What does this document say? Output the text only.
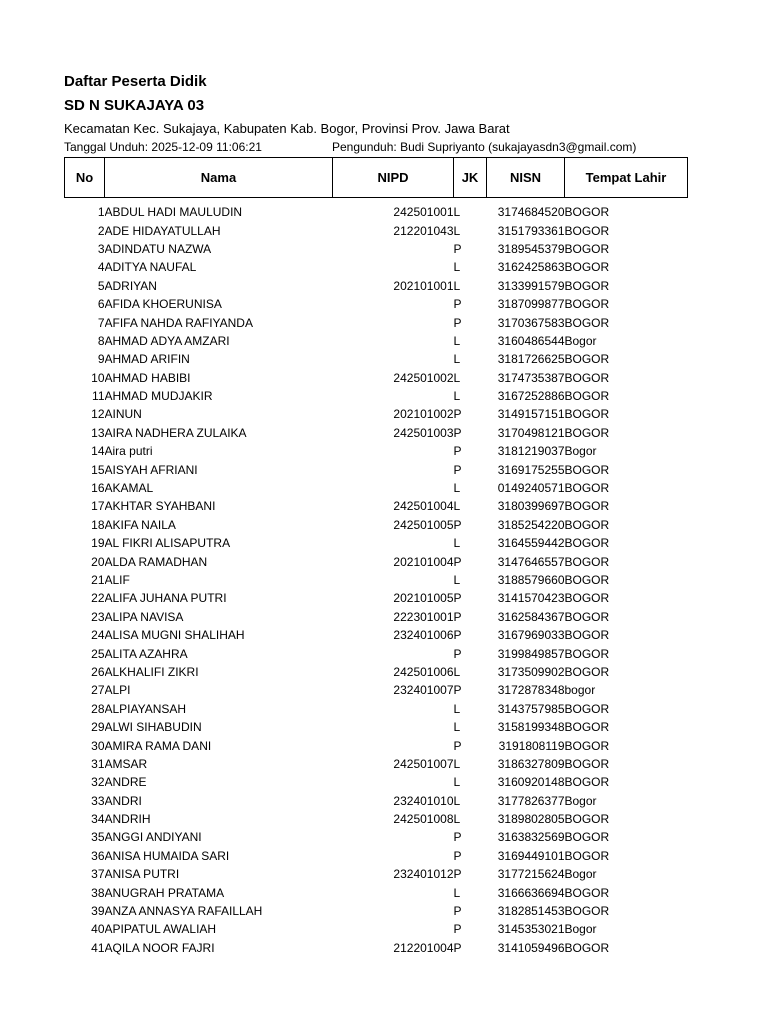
Daftar Peserta Didik
SD N SUKAJAYA 03
Kecamatan Kec. Sukajaya, Kabupaten Kab. Bogor, Provinsi Prov. Jawa Barat
Tanggal Unduh: 2025-12-09 11:06:21	Pengunduh: Budi Supriyanto (sukajayasdn3@gmail.com)
No	Nama	NIPD	JK	NISN	Tempat Lahir

1	ABDUL HADI MAULUDIN	242501001	L	3174684520	BOGOR
2	ADE HIDAYATULLAH	212201043	L	3151793361	BOGOR
3	ADINDATU NAZWA		P	3189545379	BOGOR
4	ADITYA NAUFAL		L	3162425863	BOGOR
5	ADRIYAN	202101001	L	3133991579	BOGOR
6	AFIDA KHOERUNISA		P	3187099877	BOGOR
7	AFIFA NAHDA RAFIYANDA		P	3170367583	BOGOR
8	AHMAD ADYA AMZARI		L	3160486544	Bogor
9	AHMAD ARIFIN		L	3181726625	BOGOR
10	AHMAD HABIBI	242501002	L	3174735387	BOGOR
11	AHMAD MUDJAKIR		L	3167252886	BOGOR
12	AINUN	202101002	P	3149157151	BOGOR
13	AIRA NADHERA ZULAIKA	242501003	P	3170498121	BOGOR
14	Aira putri		P	3181219037	Bogor
15	AISYAH AFRIANI		P	3169175255	BOGOR
16	AKAMAL		L	0149240571	BOGOR
17	AKHTAR SYAHBANI	242501004	L	3180399697	BOGOR
18	AKIFA NAILA	242501005	P	3185254220	BOGOR
19	AL FIKRI ALISAPUTRA		L	3164559442	BOGOR
20	ALDA RAMADHAN	202101004	P	3147646557	BOGOR
21	ALIF		L	3188579660	BOGOR
22	ALIFA JUHANA PUTRI	202101005	P	3141570423	BOGOR
23	ALIPA NAVISA	222301001	P	3162584367	BOGOR
24	ALISA MUGNI SHALIHAH	232401006	P	3167969033	BOGOR
25	ALITA AZAHRA		P	3199849857	BOGOR
26	ALKHALIFI ZIKRI	242501006	L	3173509902	BOGOR
27	ALPI	232401007	P	3172878348	bogor
28	ALPIAYANSAH		L	3143757985	BOGOR
29	ALWI SIHABUDIN		L	3158199348	BOGOR
30	AMIRA RAMA DANI		P	3191808119	BOGOR
31	AMSAR	242501007	L	3186327809	BOGOR
32	ANDRE		L	3160920148	BOGOR
33	ANDRI	232401010	L	3177826377	Bogor
34	ANDRIH	242501008	L	3189802805	BOGOR
35	ANGGI ANDIYANI		P	3163832569	BOGOR
36	ANISA HUMAIDA SARI		P	3169449101	BOGOR
37	ANISA PUTRI	232401012	P	3177215624	Bogor
38	ANUGRAH PRATAMA		L	3166636694	BOGOR
39	ANZA ANNASYA RAFAILLAH		P	3182851453	BOGOR
40	APIPATUL AWALIAH		P	3145353021	Bogor
41	AQILA NOOR FAJRI	212201004	P	3141059496	BOGOR
